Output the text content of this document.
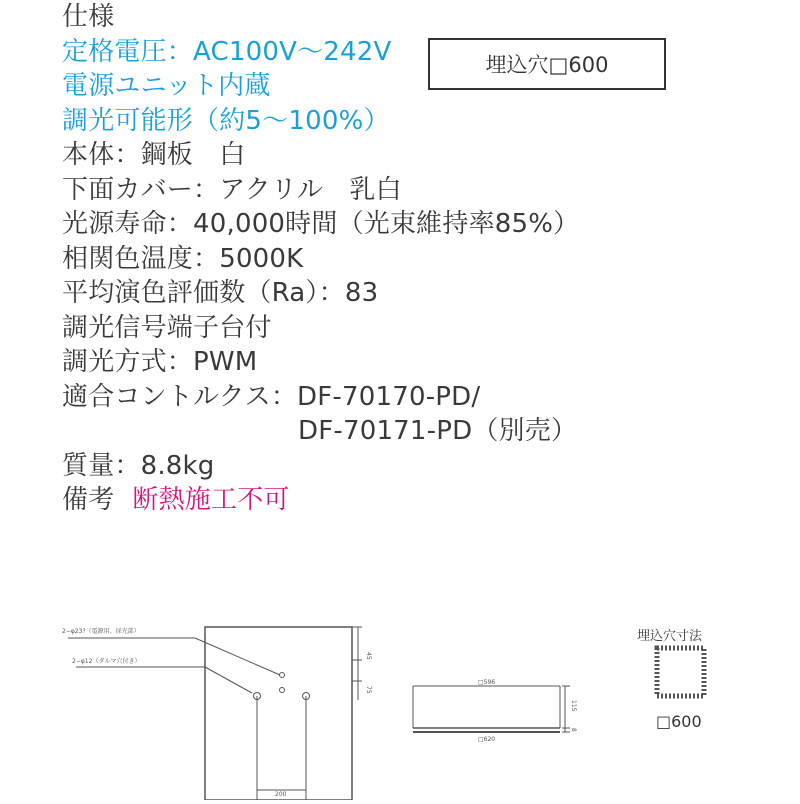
仕様
定格電圧：AC100V〜242V
電源ユニット内蔵
調光可能形（約5〜100%）
本体：鋼板　白
下面カバー：アクリル　乳白
光源寿命：40,000時間（光束維持率85%）
相関色温度：5000K
平均演色評価数（Ra）：83
調光信号端子台付
調光方式：PWM
適合コントルクス：DF-70170-PD/
DF-70171-PD（別売）
質量：8.8kg
備考 断熱施工不可
埋込穴□600
2−φ23?（電源用、採光部）
2−φ12（ダルマ穴付き）
45
75
200
□596
□620
115
8
埋込穴寸法
□600
